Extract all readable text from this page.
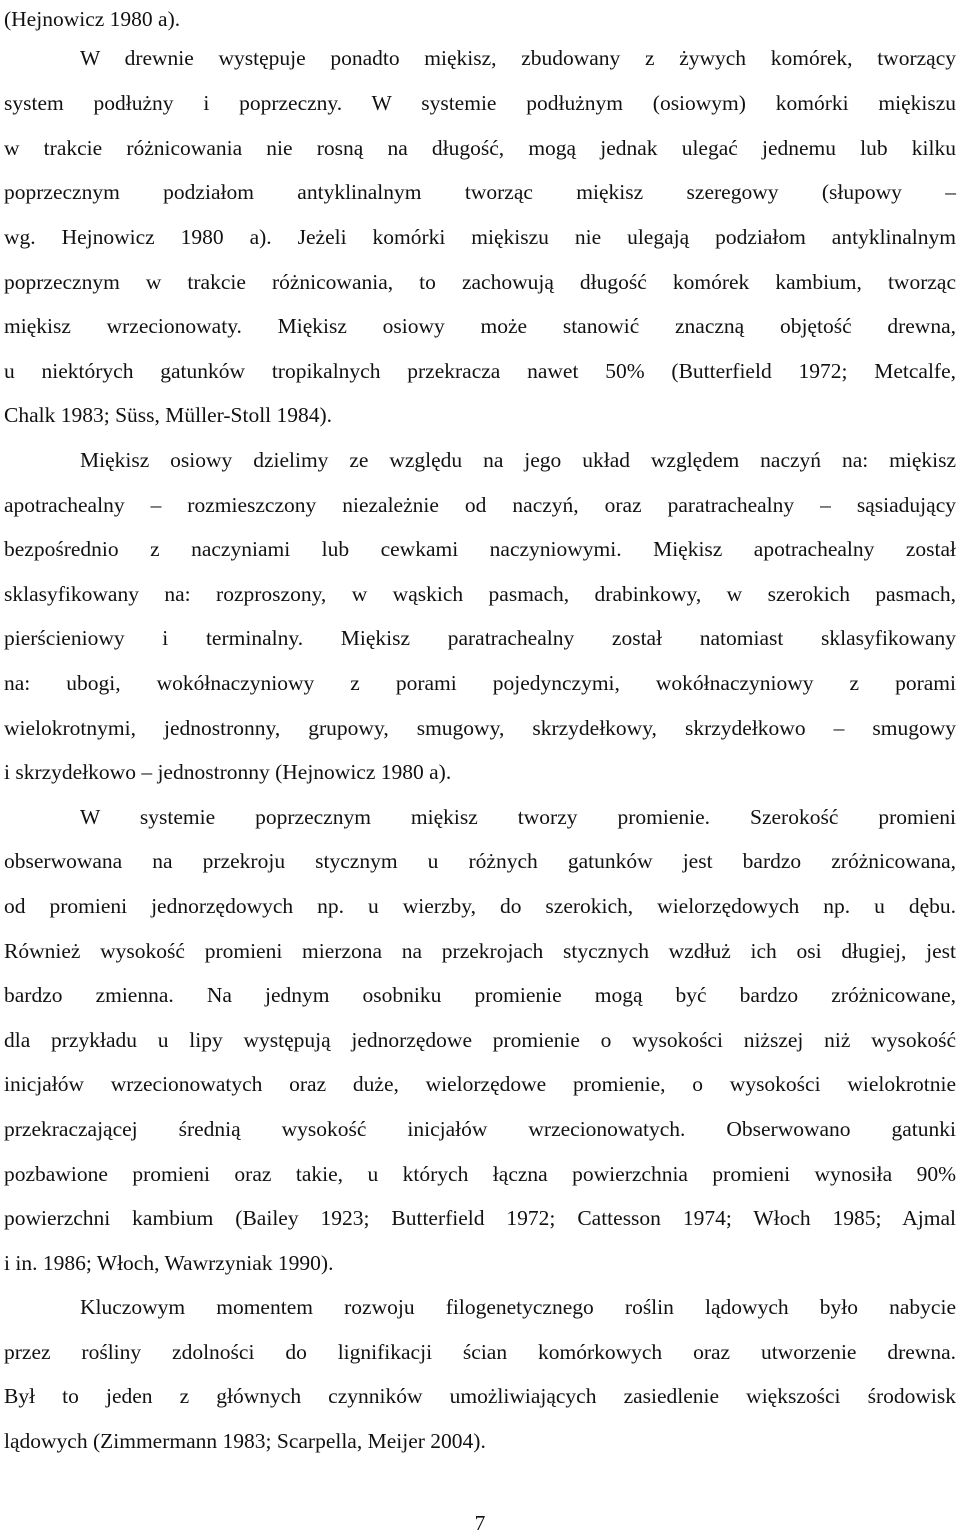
(Hejnowicz 1980 a).
W drewnie występuje ponadto miękisz, zbudowany z żywych komórek, tworzący
system podłużny i poprzeczny. W systemie podłużnym (osiowym) komórki miękiszu
w trakcie różnicowania nie rosną na długość, mogą jednak ulegać jednemu lub kilku
poprzecznym podziałom antyklinalnym tworząc miękisz szeregowy (słupowy –
wg. Hejnowicz 1980 a). Jeżeli komórki miękiszu nie ulegają podziałom antyklinalnym
poprzecznym w trakcie różnicowania, to zachowują długość komórek kambium, tworząc
miękisz wrzecionowaty. Miękisz osiowy może stanowić znaczną objętość drewna,
u niektórych gatunków tropikalnych przekracza nawet 50% (Butterfield 1972; Metcalfe,
Chalk 1983; Süss, Müller-Stoll 1984).
Miękisz osiowy dzielimy ze względu na jego układ względem naczyń na: miękisz
apotrachealny – rozmieszczony niezależnie od naczyń, oraz paratrachealny – sąsiadujący
bezpośrednio z naczyniami lub cewkami naczyniowymi. Miękisz apotrachealny został
sklasyfikowany na: rozproszony, w wąskich pasmach, drabinkowy, w szerokich pasmach,
pierścieniowy i terminalny. Miękisz paratrachealny został natomiast sklasyfikowany
na: ubogi, wokółnaczyniowy z porami pojedynczymi, wokółnaczyniowy z porami
wielokrotnymi, jednostronny, grupowy, smugowy, skrzydełkowy, skrzydełkowo – smugowy
i skrzydełkowo – jednostronny (Hejnowicz 1980 a).
W systemie poprzecznym miękisz tworzy promienie. Szerokość promieni
obserwowana na przekroju stycznym u różnych gatunków jest bardzo zróżnicowana,
od promieni jednorzędowych np. u wierzby, do szerokich, wielorzędowych np. u dębu.
Również wysokość promieni mierzona na przekrojach stycznych wzdłuż ich osi długiej, jest
bardzo zmienna. Na jednym osobniku promienie mogą być bardzo zróżnicowane,
dla przykładu u lipy występują jednorzędowe promienie o wysokości niższej niż wysokość
inicjałów wrzecionowatych oraz duże, wielorzędowe promienie, o wysokości wielokrotnie
przekraczającej średnią wysokość inicjałów wrzecionowatych. Obserwowano gatunki
pozbawione promieni oraz takie, u których łączna powierzchnia promieni wynosiła 90%
powierzchni kambium (Bailey 1923; Butterfield 1972; Cattesson 1974; Włoch 1985; Ajmal
i in. 1986; Włoch, Wawrzyniak 1990).
Kluczowym momentem rozwoju filogenetycznego roślin lądowych było nabycie
przez rośliny zdolności do lignifikacji ścian komórkowych oraz utworzenie drewna.
Był to jeden z głównych czynników umożliwiających zasiedlenie większości środowisk
lądowych (Zimmermann 1983; Scarpella, Meijer 2004).
7
